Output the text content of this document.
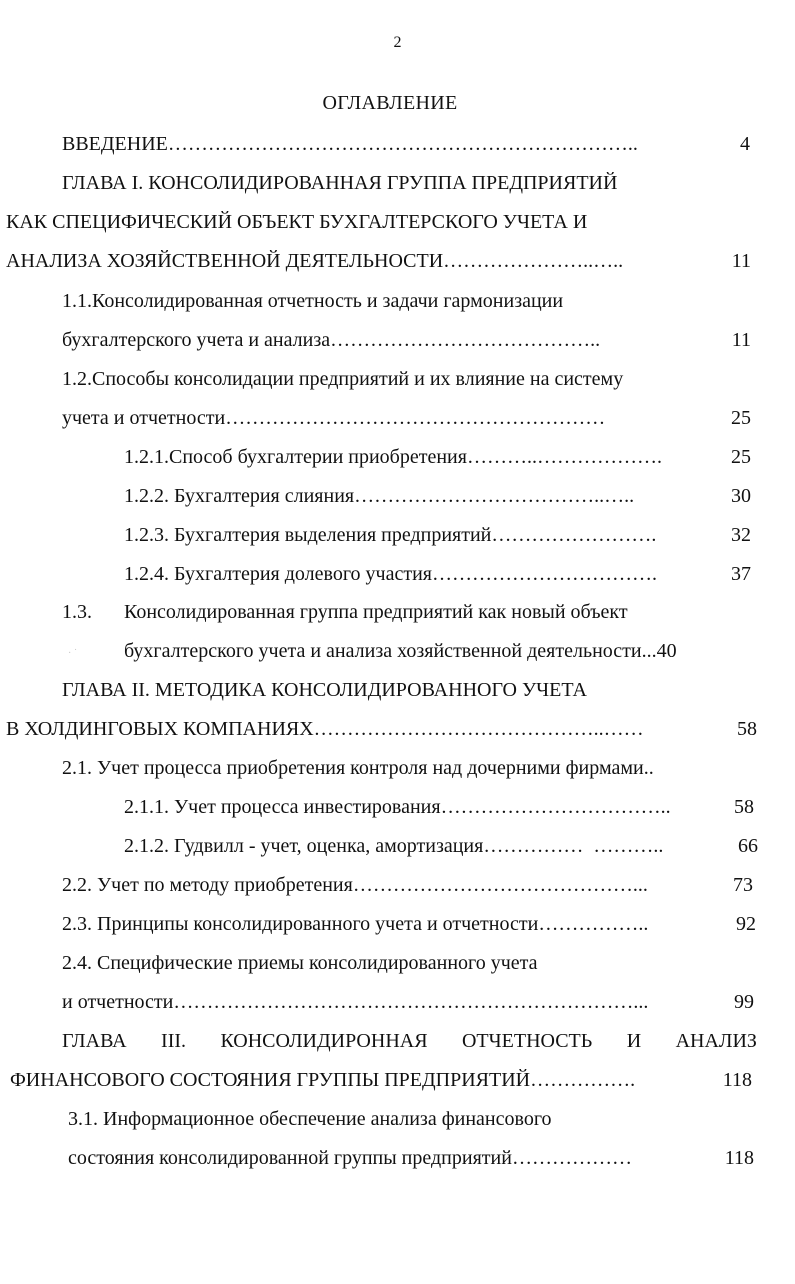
2
ОГЛАВЛЕНИЕ
ВВЕДЕНИЕ ……………………………………………………………..	4
ГЛАВА I. КОНСОЛИДИРОВАННАЯ ГРУППА ПРЕДПРИЯТИЙ
КАК СПЕЦИФИЧЕСКИЙ ОБЪЕКТ БУХГАЛТЕРСКОГО УЧЕТА И
АНАЛИЗА ХОЗЯЙСТВЕННОЙ ДЕЯТЕЛЬНОСТИ …………………..…..	11
1.1.Консолидированная отчетность и задачи гармонизации
бухгалтерского учета и анализа …………………………………..	11
1.2.Способы консолидации предприятий и их влияние на систему
учета и отчетности …………………………………………………	25
1.2.1.Способ бухгалтерии приобретения ………..……………….	25
1.2.2. Бухгалтерия слияния ………………………………..…..	30
1.2.3. Бухгалтерия выделения предприятий …………………….	32
1.2.4. Бухгалтерия долевого участия …………………………….	37
1.3. Консолидированная группа предприятий как новый объект
· ˙	бухгалтерского учета и анализа хозяйственной деятельности ... 40
ГЛАВА II. МЕТОДИКА КОНСОЛИДИРОВАННОГО УЧЕТА
В ХОЛДИНГОВЫХ КОМПАНИЯХ ……………………………………..……	58
2.1. Учет процесса приобретения контроля над дочерними фирмами..
2.1.1. Учет процесса инвестирования ……………………………..	58
2.1.2. Гудвилл - учет, оценка, амортизация ……………  ………..	66
2.2. Учет по методу приобретения ……………………………………...	73
2.3. Принципы консолидированного учета и отчетности ……………..	92
2.4. Специфические приемы консолидированного учета
и отчетности ……………………………………………………………...	99
ГЛАВА III. КОНСОЛИДИРОННАЯ ОТЧЕТНОСТЬ И АНАЛИЗ
ФИНАНСОВОГО СОСТОЯНИЯ ГРУППЫ ПРЕДПРИЯТИЙ …………….	118
3.1. Информационное обеспечение анализа финансового
состояния консолидированной группы предприятий ………………	118
